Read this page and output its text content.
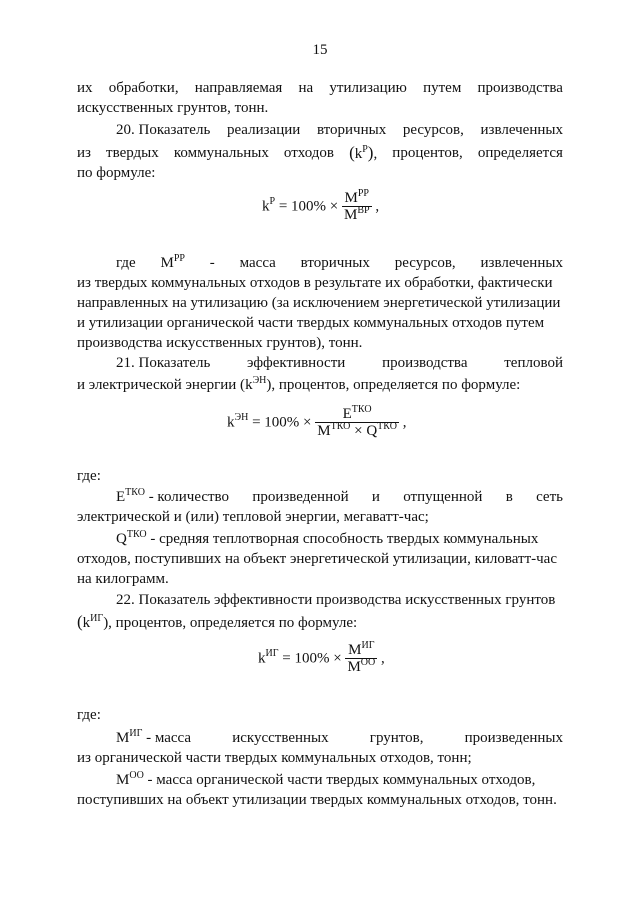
15
их обработки, направляемая на утилизацию путем производства
искусственных грунтов, тонн.
20. Показатель реализации вторичных ресурсов, извлеченных
из твердых коммунальных отходов $(k^Р)$, процентов, определяется
по формуле:
$k^Р = 100\% \times \frac{M^{РР}}{M^{ВР}}$ ,
где $M^{РР}$ - масса вторичных ресурсов, извлеченных
из твердых коммунальных отходов в результате их обработки, фактически
направленных на утилизацию (за исключением энергетической утилизации
и утилизации органической части твердых коммунальных отходов путем
производства искусственных грунтов), тонн.
21. Показатель эффективности производства тепловой
и электрической энергии $(k^{ЭН})$, процентов, определяется по формуле:
$k^{ЭН} = 100\% \times \frac{E^{ТКО}}{M^{ТКО} \times Q^{ТКО}}$ ,
где:
$E^{ТКО}$ - количество произведенной и отпущенной в сеть
электрической и (или) тепловой энергии, мегаватт-час;
$Q^{ТКО}$ - средняя теплотворная способность твердых коммунальных
отходов, поступивших на объект энергетической утилизации, киловатт-час
на килограмм.
22. Показатель эффективности производства искусственных грунтов
$(k^{ИГ})$, процентов, определяется по формуле:
$k^{ИГ} = 100\% \times \frac{M^{ИГ}}{M^{ОО}}$ ,
где:
$M^{ИГ}$ - масса	искусственных	грунтов,	произведенных
из органической части твердых коммунальных отходов, тонн;
$M^{ОО}$ - масса органической части твердых коммунальных отходов,
поступивших на объект утилизации твердых коммунальных отходов, тонн.
